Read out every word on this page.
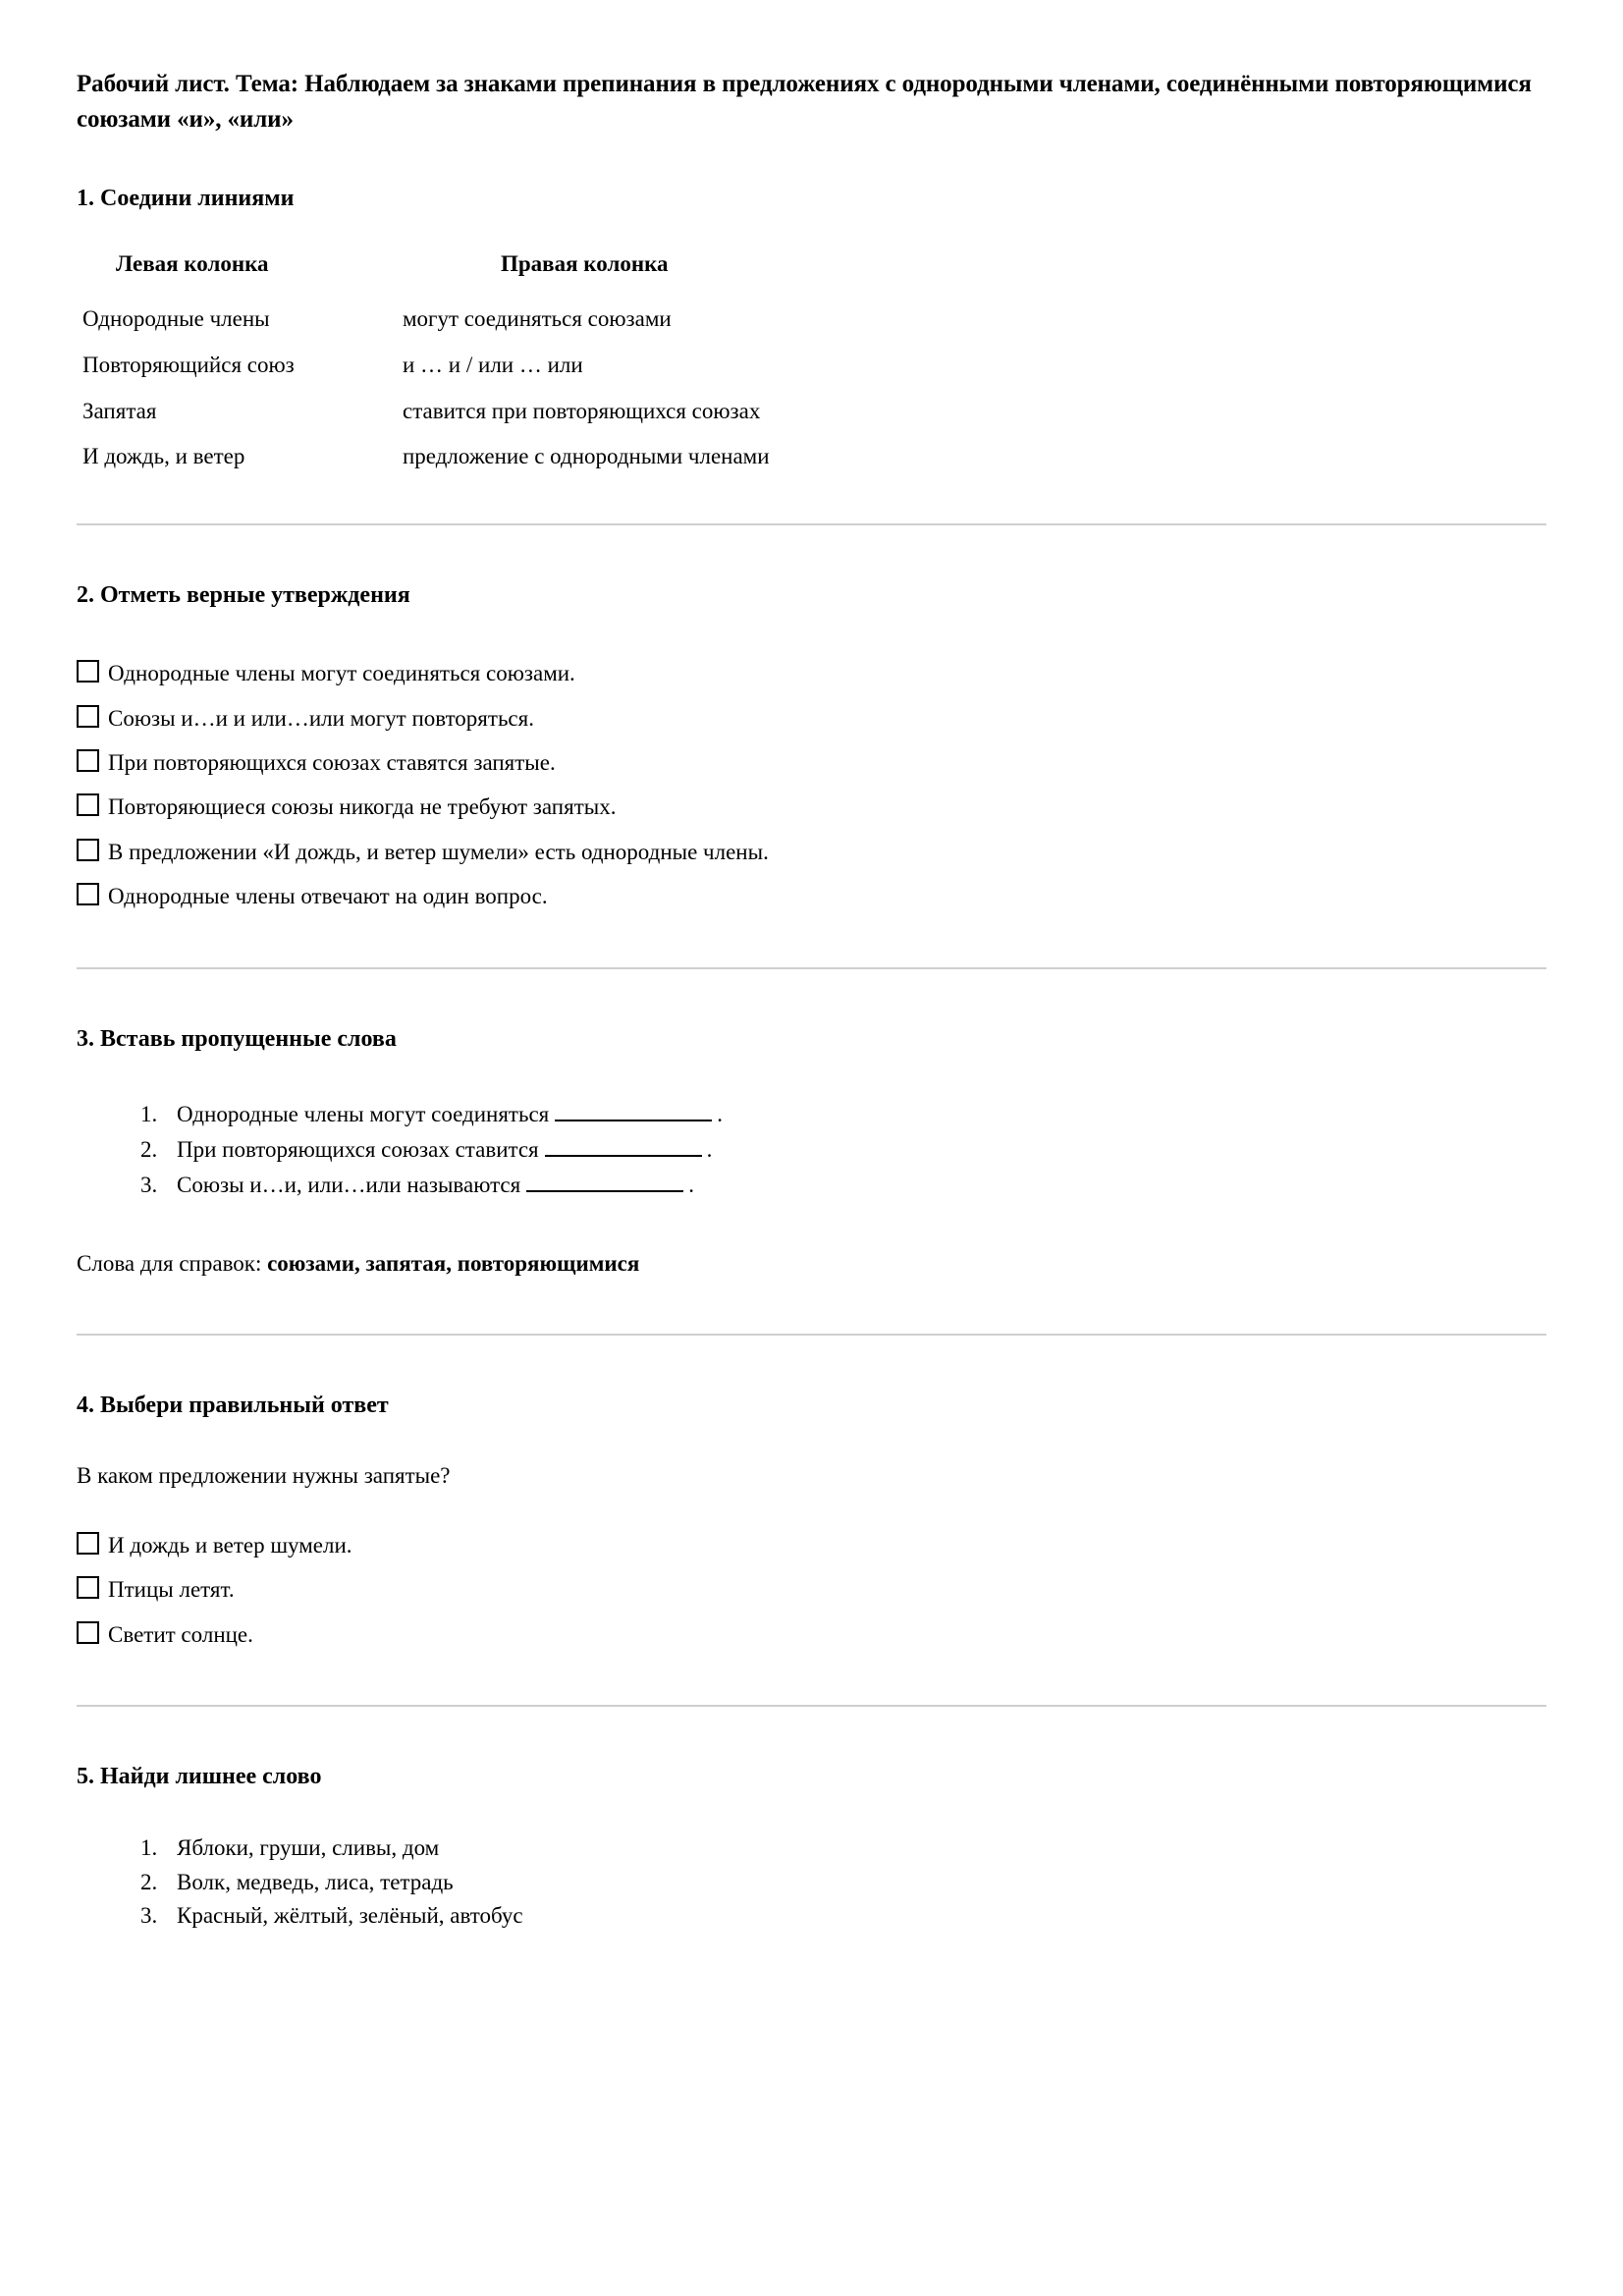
Рабочий лист. Тема: Наблюдаем за знаками препинания в предложениях с однородными членами, соединёнными повторяющимися союзами «и», «или»
1. Соедини линиями
Левая колонка	Правая колонка
Однородные члены	могут соединяться союзами
Повторяющийся союз	и … и / или … или
Запятая	ставится при повторяющихся союзах
И дождь, и ветер	предложение с однородными членами
2. Отметь верные утверждения
Однородные члены могут соединяться союзами.
Союзы и…и и или…или могут повторяться.
При повторяющихся союзах ставятся запятые.
Повторяющиеся союзы никогда не требуют запятых.
В предложении «И дождь, и ветер шумели» есть однородные члены.
Однородные члены отвечают на один вопрос.
3. Вставь пропущенные слова
1. Однородные члены могут соединяться	.
2. При повторяющихся союзах ставится	.
3. Союзы и…и, или…или называются	.

Слова для справок: союзами, запятая, повторяющимися

4. Выбери правильный ответ

В каком предложении нужны запятые?

И дождь и ветер шумели.
Птицы летят.
Светит солнце.
5. Найди лишнее слово
1. Яблоки, груши, сливы, дом
2. Волк, медведь, лиса, тетрадь
3. Красный, жёлтый, зелёный, автобус
